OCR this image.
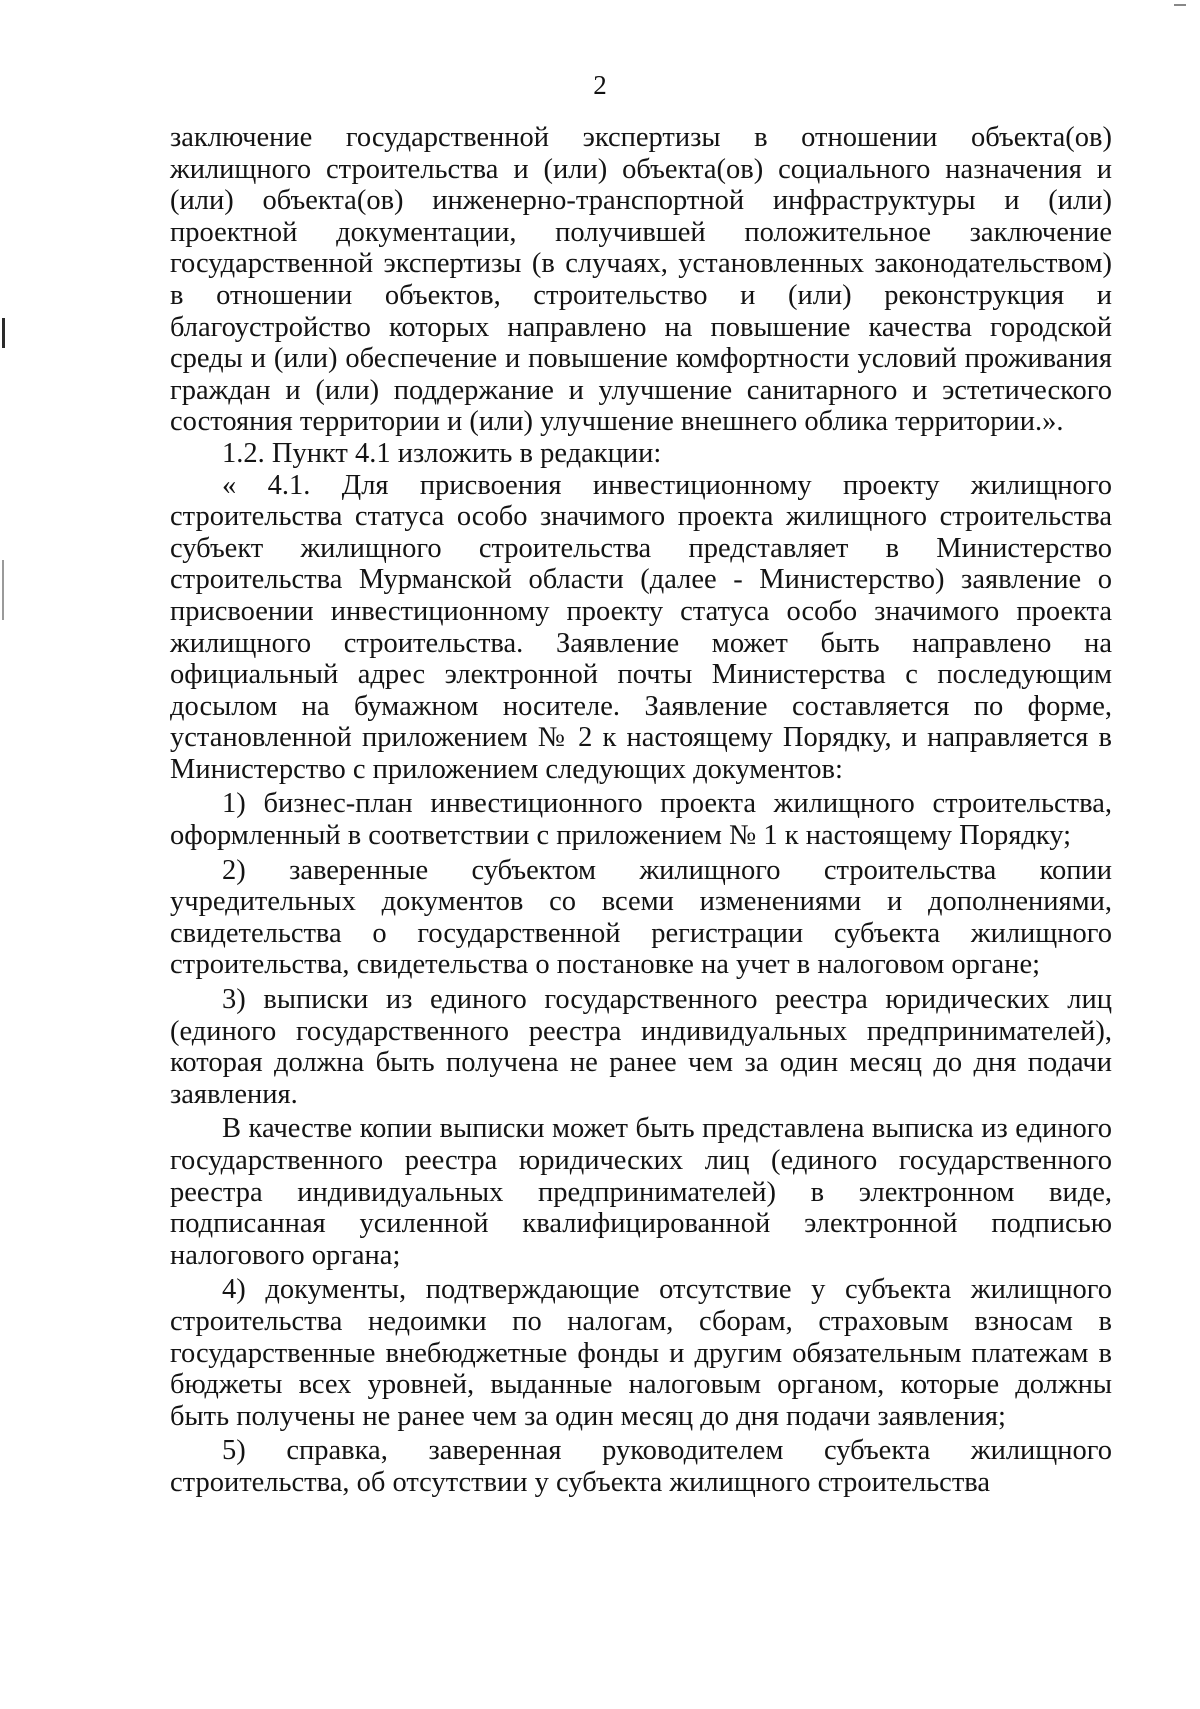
2

заключение государственной экспертизы в отношении объекта(ов) жилищного строительства и (или) объекта(ов) социального назначения и (или) объекта(ов) инженерно-транспортной инфраструктуры и (или) проектной документации, получившей положительное заключение государственной экспертизы (в случаях, установленных законодательством) в отношении объектов, строительство и (или) реконструкция и благоустройство которых направлено на повышение качества городской среды и (или) обеспечение и повышение комфортности условий проживания граждан и (или) поддержание и улучшение санитарного и эстетического состояния территории и (или) улучшение внешнего облика территории.».

1.2. Пункт 4.1 изложить в редакции:

« 4.1. Для присвоения инвестиционному проекту жилищного строительства статуса особо значимого проекта жилищного строительства субъект жилищного строительства представляет в Министерство строительства Мурманской области (далее - Министерство) заявление о присвоении инвестиционному проекту статуса особо значимого проекта жилищного строительства. Заявление может быть направлено на официальный адрес электронной почты Министерства с последующим досылом на бумажном носителе. Заявление составляется по форме, установленной приложением № 2 к настоящему Порядку, и направляется в Министерство с приложением следующих документов:

1) бизнес-план инвестиционного проекта жилищного строительства, оформленный в соответствии с приложением № 1 к настоящему Порядку;

2) заверенные субъектом жилищного строительства копии учредительных документов со всеми изменениями и дополнениями, свидетельства о государственной регистрации субъекта жилищного строительства, свидетельства о постановке на учет в налоговом органе;

3) выписки из единого государственного реестра юридических лиц (единого государственного реестра индивидуальных предпринимателей), которая должна быть получена не ранее чем за один месяц до дня подачи заявления.

В качестве копии выписки может быть представлена выписка из единого государственного реестра юридических лиц (единого государственного реестра индивидуальных предпринимателей) в электронном виде, подписанная усиленной квалифицированной электронной подписью налогового органа;

4) документы, подтверждающие отсутствие у субъекта жилищного строительства недоимки по налогам, сборам, страховым взносам в государственные внебюджетные фонды и другим обязательным платежам в бюджеты всех уровней, выданные налоговым органом, которые должны быть получены не ранее чем за один месяц до дня подачи заявления;

5) справка, заверенная руководителем субъекта жилищного строительства, об отсутствии у субъекта жилищного строительства
